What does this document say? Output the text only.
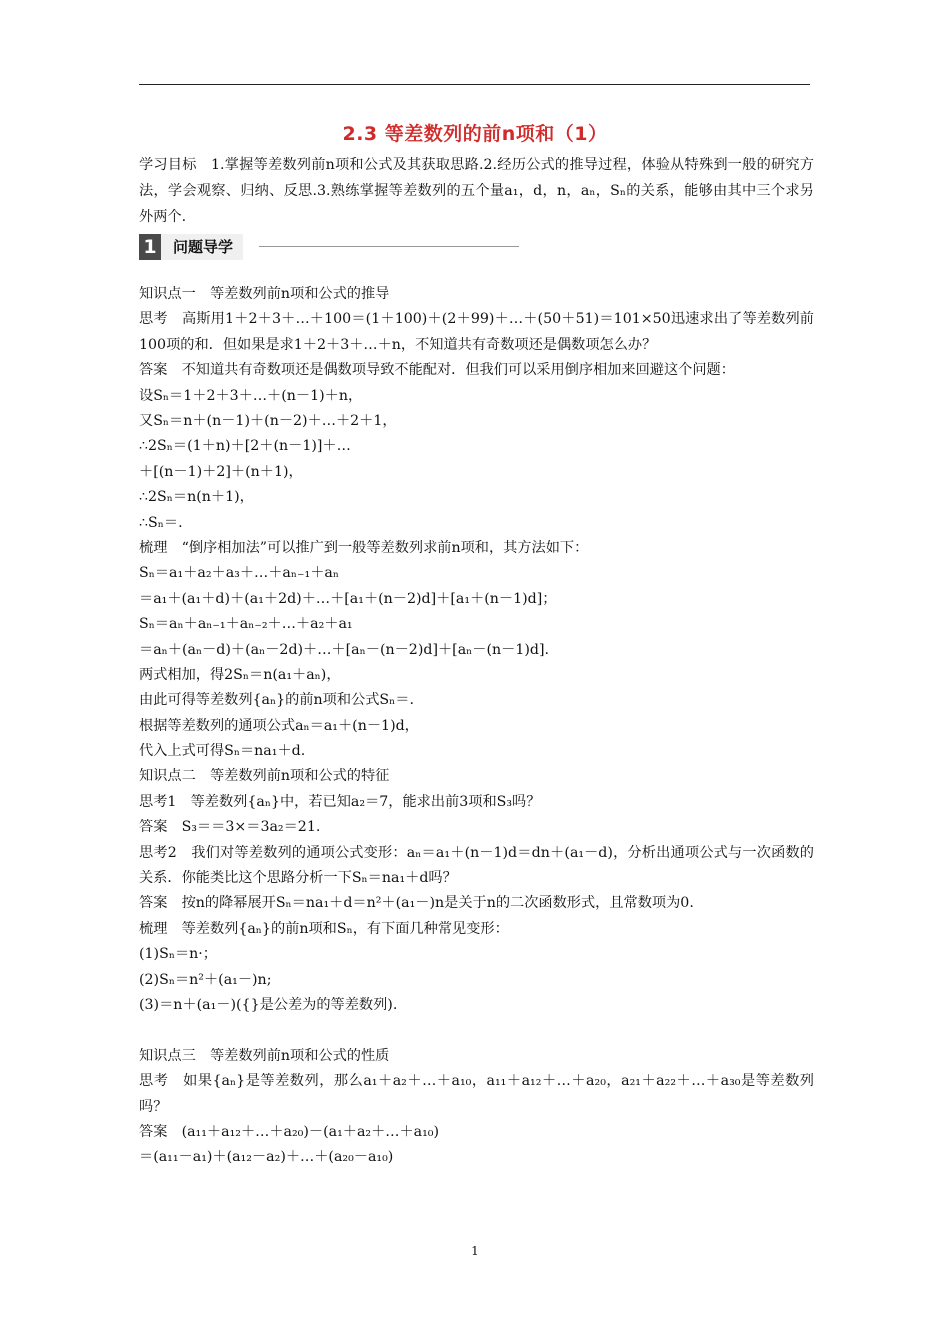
2.3 等差数列的前n项和（1）
学习目标　1.掌握等差数列前n项和公式及其获取思路.2.经历公式的推导过程，体验从特殊到一般的研究方法，学会观察、归纳、反思.3.熟练掌握等差数列的五个量a₁，d，n，aₙ，Sₙ的关系，能够由其中三个求另外两个.
1	问题导学
知识点一　等差数列前n项和公式的推导
思考　高斯用1＋2＋3＋…＋100＝(1＋100)＋(2＋99)＋…＋(50＋51)＝101×50迅速求出了等差数列前100项的和．但如果是求1＋2＋3＋…＋n，不知道共有奇数项还是偶数项怎么办？
答案　不知道共有奇数项还是偶数项导致不能配对．但我们可以采用倒序相加来回避这个问题：
设Sₙ＝1＋2＋3＋…＋(n－1)＋n，
又Sₙ＝n＋(n－1)＋(n－2)＋…＋2＋1，
∴2Sₙ＝(1＋n)＋[2＋(n－1)]＋…
＋[(n－1)＋2]＋(n＋1)，
∴2Sₙ＝n(n＋1)，
∴Sₙ＝.
梳理　“倒序相加法”可以推广到一般等差数列求前n项和，其方法如下：
Sₙ＝a₁＋a₂＋a₃＋…＋aₙ₋₁＋aₙ
＝a₁＋(a₁＋d)＋(a₁＋2d)＋…＋[a₁＋(n－2)d]＋[a₁＋(n－1)d]；
Sₙ＝aₙ＋aₙ₋₁＋aₙ₋₂＋…＋a₂＋a₁
＝aₙ＋(aₙ－d)＋(aₙ－2d)＋…＋[aₙ－(n－2)d]＋[aₙ－(n－1)d].
两式相加，得2Sₙ＝n(a₁＋aₙ)，
由此可得等差数列{aₙ}的前n项和公式Sₙ＝.
根据等差数列的通项公式aₙ＝a₁＋(n－1)d，
代入上式可得Sₙ＝na₁＋d.
知识点二　等差数列前n项和公式的特征
思考1　等差数列{aₙ}中，若已知a₂＝7，能求出前3项和S₃吗？
答案　S₃＝＝3×＝3a₂＝21.
思考2　我们对等差数列的通项公式变形：aₙ＝a₁＋(n－1)d＝dn＋(a₁－d)，分析出通项公式与一次函数的关系．你能类比这个思路分析一下Sₙ＝na₁＋d吗？
答案　按n的降幂展开Sₙ＝na₁＋d＝n²＋(a₁－)n是关于n的二次函数形式，且常数项为0.
梳理　等差数列{aₙ}的前n项和Sₙ，有下面几种常见变形：
(1)Sₙ＝n·；
(2)Sₙ＝n²＋(a₁－)n;
(3)＝n＋(a₁－)({}是公差为的等差数列).
知识点三　等差数列前n项和公式的性质
思考　如果{aₙ}是等差数列，那么a₁＋a₂＋…＋a₁₀，a₁₁＋a₁₂＋…＋a₂₀，a₂₁＋a₂₂＋…＋a₃₀是等差数列吗？
答案　(a₁₁＋a₁₂＋…＋a₂₀)－(a₁＋a₂＋…＋a₁₀)
＝(a₁₁－a₁)＋(a₁₂－a₂)＋…＋(a₂₀－a₁₀)
1
